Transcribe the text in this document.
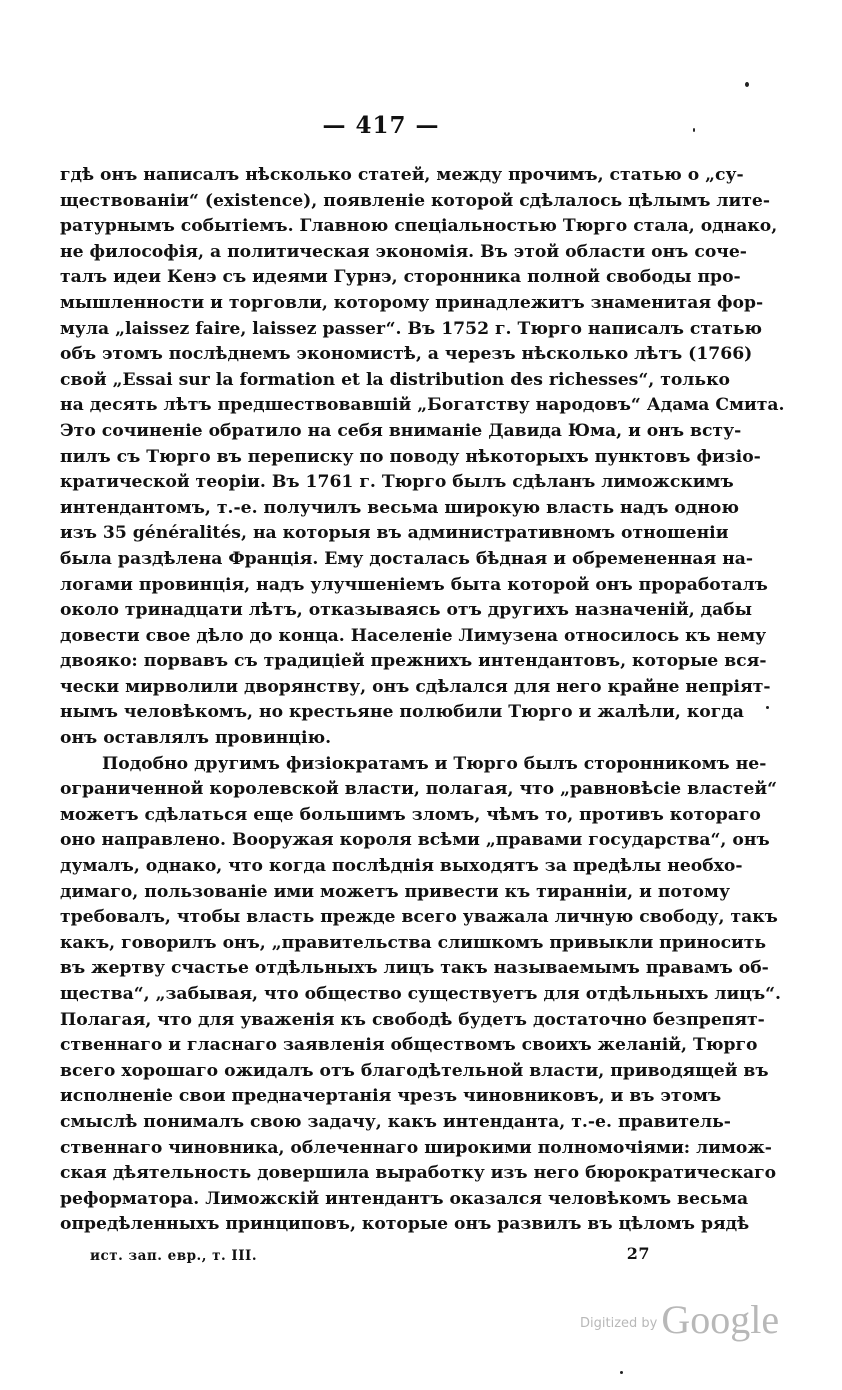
— 417 —
гдѣ онъ написалъ нѣсколько статей, между прочимъ, статью о „су-
ществованіи“ (existence), появленіе которой сдѣлалось цѣлымъ лите-
ратурнымъ событіемъ. Главною спеціальностью Тюрго стала, однако,
не философія, а политическая экономія. Въ этой области онъ соче-
талъ идеи Кенэ съ идеями Гурнэ, сторонника полной свободы про-
мышленности и торговли, которому принадлежитъ знаменитая фор-
мула „laissez faire, laissez passer“. Въ 1752 г. Тюрго написалъ статью
объ этомъ послѣднемъ экономистѣ, а черезъ нѣсколько лѣтъ (1766)
свой „Essai sur la formation et la distribution des richesses“, только
на десять лѣтъ предшествовавшій „Богатству народовъ“ Адама Смита.
Это сочиненіе обратило на себя вниманіе Давида Юма, и онъ всту-
пилъ съ Тюрго въ переписку по поводу нѣкоторыхъ пунктовъ физіо-
кратической теоріи. Въ 1761 г. Тюрго былъ сдѣланъ лиможскимъ
интендантомъ, т.-е. получилъ весьма широкую власть надъ одною
изъ 35 généralités, на которыя въ административномъ отношеніи
была раздѣлена Франція. Ему досталась бѣдная и обремененная на-
логами провинція, надъ улучшеніемъ быта которой онъ проработалъ
около тринадцати лѣтъ, отказываясь отъ другихъ назначеній, дабы
довести свое дѣло до конца. Населеніе Лимузена относилось къ нему
двояко: порвавъ съ традиціей прежнихъ интендантовъ, которые вся-
чески мирволили дворянству, онъ сдѣлался для него крайне непріят-
нымъ человѣкомъ, но крестьяне полюбили Тюрго и жалѣли, когда
онъ оставлялъ провинцію.
Подобно другимъ физіократамъ и Тюрго былъ сторонникомъ не-
ограниченной королевской власти, полагая, что „равновѣсіе властей“
можетъ сдѣлаться еще большимъ зломъ, чѣмъ то, противъ котораго
оно направлено. Вооружая короля всѣми „правами государства“, онъ
думалъ, однако, что когда послѣднія выходятъ за предѣлы необхо-
димаго, пользованіе ими можетъ привести къ тиранніи, и потому
требовалъ, чтобы власть прежде всего уважала личную свободу, такъ
какъ, говорилъ онъ, „правительства слишкомъ привыкли приносить
въ жертву счастье отдѣльныхъ лицъ такъ называемымъ правамъ об-
щества“, „забывая, что общество существуетъ для отдѣльныхъ лицъ“.
Полагая, что для уваженія къ свободѣ будетъ достаточно безпрепят-
ственнаго и гласнаго заявленія обществомъ своихъ желаній, Тюрго
всего хорошаго ожидалъ отъ благодѣтельной власти, приводящей въ
исполненіе свои предначертанія чрезъ чиновниковъ, и въ этомъ
смыслѣ понималъ свою задачу, какъ интенданта, т.-е. правитель-
ственнаго чиновника, облеченнаго широкими полномочіями: лимож-
ская дѣятельность довершила выработку изъ него бюрократическаго
реформатора. Лиможскій интендантъ оказался человѣкомъ весьма
опредѣленныхъ принциповъ, которые онъ развилъ въ цѣломъ рядѣ
ист. зап. евр., т. III.	27
$^{Digitized by}$ Google
